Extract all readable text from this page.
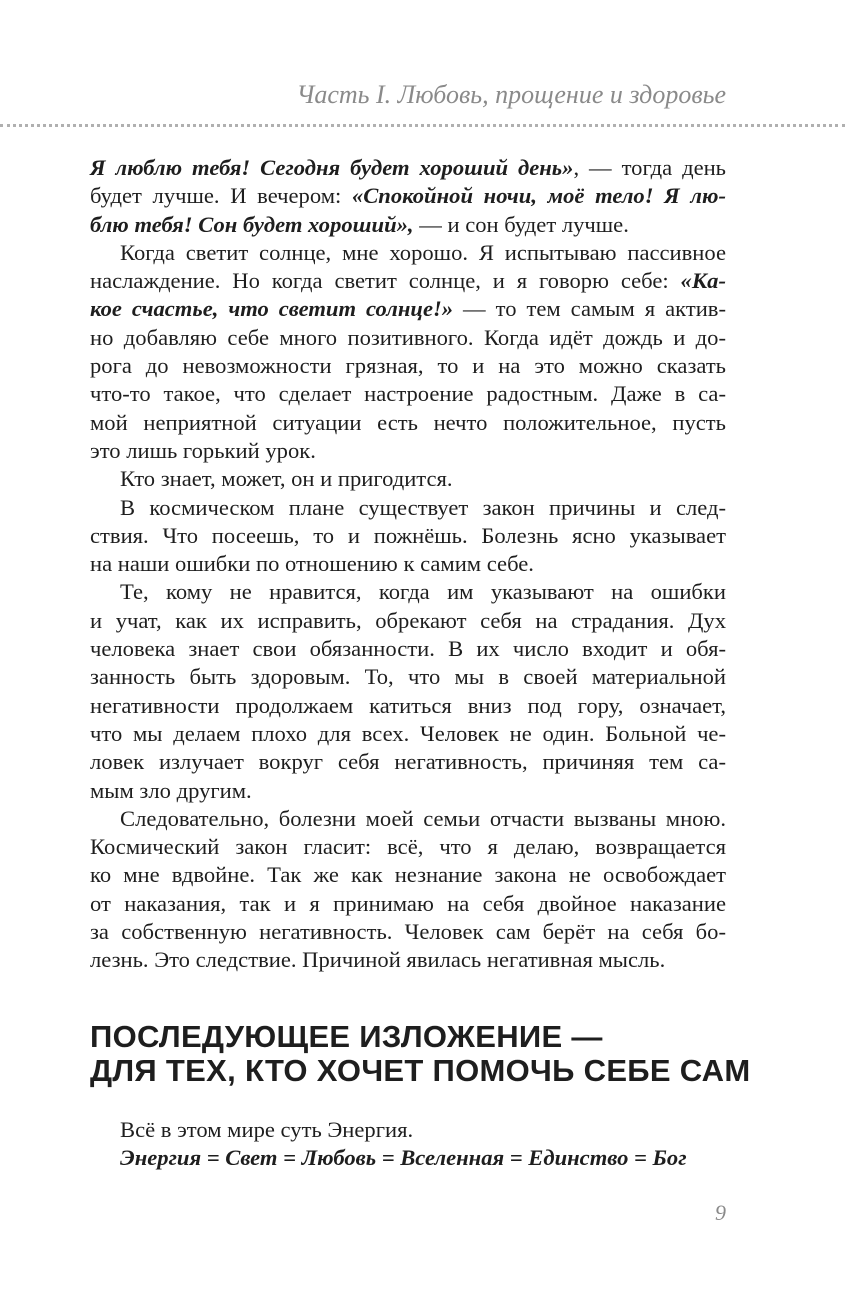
Часть I. Любовь, прощение и здоровье

Я люблю тебя! Сегодня будет хороший день», — тогда день
будет лучше. И вечером: «Спокойной ночи, моё тело! Я лю-
блю тебя! Сон будет хороший», — и сон будет лучше.

Когда светит солнце, мне хорошо. Я испытываю пассивное
наслаждение. Но когда светит солнце, и я говорю себе: «Ка-
кое счастье, что светит солнце!» — то тем самым я актив-
но добавляю себе много позитивного. Когда идёт дождь и до-
рога до невозможности грязная, то и на это можно сказать
что-то такое, что сделает настроение радостным. Даже в са-
мой неприятной ситуации есть нечто положительное, пусть
это лишь горький урок.

Кто знает, может, он и пригодится.

В космическом плане существует закон причины и след-
ствия. Что посеешь, то и пожнёшь. Болезнь ясно указывает
на наши ошибки по отношению к самим себе.

Те, кому не нравится, когда им указывают на ошибки
и учат, как их исправить, обрекают себя на страдания. Дух
человека знает свои обязанности. В их число входит и обя-
занность быть здоровым. То, что мы в своей материальной
негативности продолжаем катиться вниз под гору, означает,
что мы делаем плохо для всех. Человек не один. Больной че-
ловек излучает вокруг себя негативность, причиняя тем са-
мым зло другим.

Следовательно, болезни моей семьи отчасти вызваны мною.
Космический закон гласит: всё, что я делаю, возвращается
ко мне вдвойне. Так же как незнание закона не освобождает
от наказания, так и я принимаю на себя двойное наказание
за собственную негативность. Человек сам берёт на себя бо-
лезнь. Это следствие. Причиной явилась негативная мысль.

ПОСЛЕДУЮЩЕЕ ИЗЛОЖЕНИЕ —
ДЛЯ ТЕХ, КТО ХОЧЕТ ПОМОЧЬ СЕБЕ САМ

Всё в этом мире суть Энергия.

Энергия = Свет = Любовь = Вселенная = Единство = Бог

9
